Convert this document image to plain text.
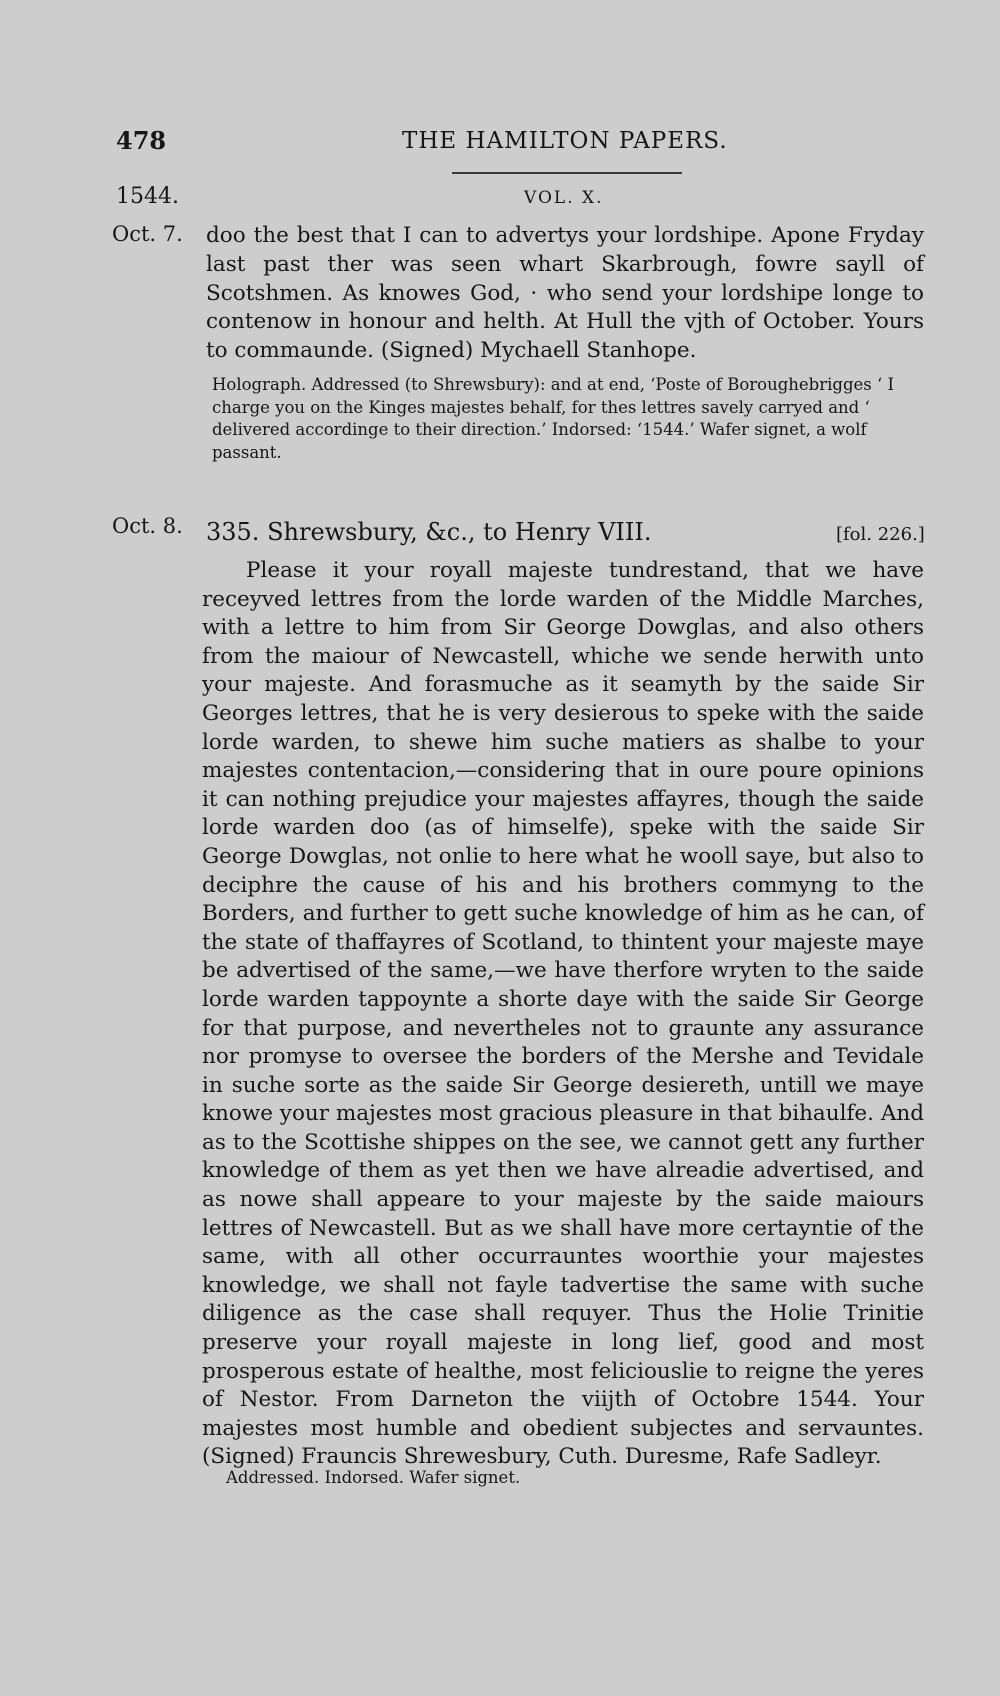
478	THE HAMILTON PAPERS.
1544.	VOL. X.
Oct. 7. doo the best that I can to advertys your lordshipe. Apone Fryday last past ther was seen whart Skarbrough, fowre sayll of Scotshmen. As knowes God, · who send your lordshipe longe to contenow in honour and helth. At Hull the vjth of October. Yours to commaunde. (Signed) Mychaell Stanhope.
Holograph. Addressed (to Shrewsbury): and at end, ‘Poste of Boroughebrigges ‘ I charge you on the Kinges majestes behalf, for thes lettres savely carryed and ‘ delivered accordinge to their direction.’ Indorsed: ‘1544.’ Wafer signet, a wolf passant.
Oct. 8. 335. Shrewsbury, &c., to Henry VIII.	[fol. 226.]
Please it your royall majeste tundrestand, that we have receyved lettres from the lorde warden of the Middle Marches, with a lettre to him from Sir George Dowglas, and also others from the maiour of Newcastell, whiche we sende herwith unto your majeste. And forasmuche as it seamyth by the saide Sir Georges lettres, that he is very desierous to speke with the saide lorde warden, to shewe him suche matiers as shalbe to your majestes contentacion,—considering that in oure poure opinions it can nothing prejudice your majestes affayres, though the saide lorde warden doo (as of himselfe), speke with the saide Sir George Dowglas, not onlie to here what he wooll saye, but also to deciphre the cause of his and his brothers commyng to the Borders, and further to gett suche knowledge of him as he can, of the state of thaffayres of Scotland, to thintent your majeste maye be advertised of the same,—we have therfore wryten to the saide lorde warden tappoynte a shorte daye with the saide Sir George for that purpose, and nevertheles not to graunte any assurance nor promyse to oversee the borders of the Mershe and Tevidale in suche sorte as the saide Sir George desiereth, untill we maye knowe your majestes most gracious pleasure in that bihaulfe. And as to the Scottishe shippes on the see, we cannot gett any further knowledge of them as yet then we have alreadie advertised, and as nowe shall appeare to your majeste by the saide maiours lettres of Newcastell. But as we shall have more certayntie of the same, with all other occurrauntes woorthie your majestes knowledge, we shall not fayle tadvertise the same with suche diligence as the case shall requyer. Thus the Holie Trinitie preserve your royall majeste in long lief, good and most prosperous estate of healthe, most feliciouslie to reigne the yeres of Nestor. From Darneton the viijth of Octobre 1544. Your majestes most humble and obedient subjectes and servauntes. (Signed) Fraunсis Shrewesbury, Cuth. Duresme, Rafe Sadleyr.
Addressed. Indorsed. Wafer signet.
